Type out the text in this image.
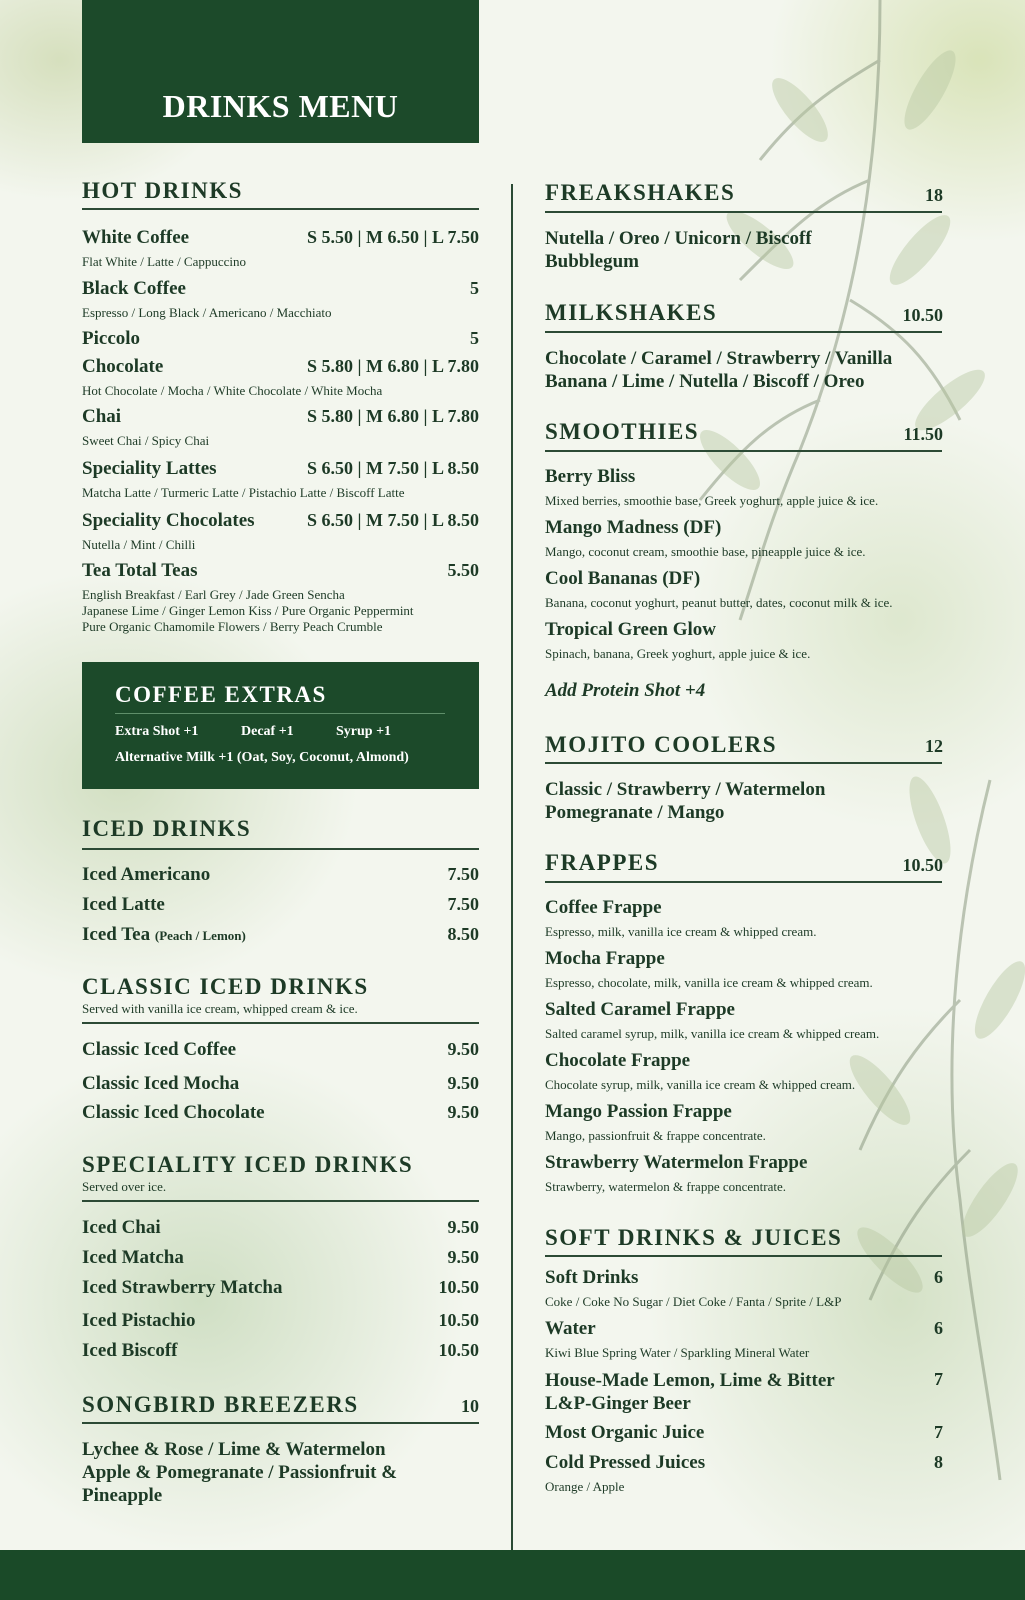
DRINKS MENU
HOT DRINKS
White Coffee	S 5.50 | M 6.50 | L 7.50
Flat White / Latte / Cappuccino
Black Coffee	5
Espresso / Long Black / Americano / Macchiato
Piccolo	5
Chocolate	S 5.80 | M 6.80 | L 7.80
Hot Chocolate / Mocha / White Chocolate / White Mocha
Chai	S 5.80 | M 6.80 | L 7.80
Sweet Chai / Spicy Chai
Speciality Lattes	S 6.50 | M 7.50 | L 8.50
Matcha Latte / Turmeric Latte / Pistachio Latte / Biscoff Latte
Speciality Chocolates	S 6.50 | M 7.50 | L 8.50
Nutella / Mint / Chilli
Tea Total Teas	5.50
English Breakfast / Earl Grey / Jade Green Sencha
Japanese Lime / Ginger Lemon Kiss / Pure Organic Peppermint
Pure Organic Chamomile Flowers / Berry Peach Crumble
COFFEE EXTRAS
Extra Shot +1	Decaf +1	Syrup +1
Alternative Milk +1 (Oat, Soy, Coconut, Almond)
ICED DRINKS
Iced Americano	7.50
Iced Latte	7.50
Iced Tea (Peach / Lemon)	8.50
CLASSIC ICED DRINKS
Served with vanilla ice cream, whipped cream & ice.
Classic Iced Coffee	9.50
Classic Iced Mocha	9.50
Classic Iced Chocolate	9.50
SPECIALITY ICED DRINKS
Served over ice.
Iced Chai	9.50
Iced Matcha	9.50
Iced Strawberry Matcha	10.50
Iced Pistachio	10.50
Iced Biscoff	10.50
SONGBIRD BREEZERS	10
Lychee & Rose / Lime & Watermelon
Apple & Pomegranate / Passionfruit &
Pineapple
FREAKSHAKES	18
Nutella / Oreo / Unicorn / Biscoff
Bubblegum
MILKSHAKES	10.50
Chocolate / Caramel / Strawberry / Vanilla
Banana / Lime / Nutella / Biscoff / Oreo
SMOOTHIES	11.50
Berry Bliss
Mixed berries, smoothie base, Greek yoghurt, apple juice & ice.
Mango Madness (DF)
Mango, coconut cream, smoothie base, pineapple juice & ice.
Cool Bananas (DF)
Banana, coconut yoghurt, peanut butter, dates, coconut milk & ice.
Tropical Green Glow
Spinach, banana, Greek yoghurt, apple juice & ice.
Add Protein Shot +4
MOJITO COOLERS	12
Classic / Strawberry / Watermelon
Pomegranate / Mango
FRAPPES	10.50
Coffee Frappe
Espresso, milk, vanilla ice cream & whipped cream.
Mocha Frappe
Espresso, chocolate, milk, vanilla ice cream & whipped cream.
Salted Caramel Frappe
Salted caramel syrup, milk, vanilla ice cream & whipped cream.
Chocolate Frappe
Chocolate syrup, milk, vanilla ice cream & whipped cream.
Mango Passion Frappe
Mango, passionfruit & frappe concentrate.
Strawberry Watermelon Frappe
Strawberry, watermelon & frappe concentrate.
SOFT DRINKS & JUICES
Soft Drinks	6
Coke / Coke No Sugar / Diet Coke / Fanta / Sprite / L&P
Water	6
Kiwi Blue Spring Water / Sparkling Mineral Water
House-Made Lemon, Lime & Bitter
L&P-Ginger Beer
7
Most Organic Juice	7
Cold Pressed Juices	8
Orange / Apple
